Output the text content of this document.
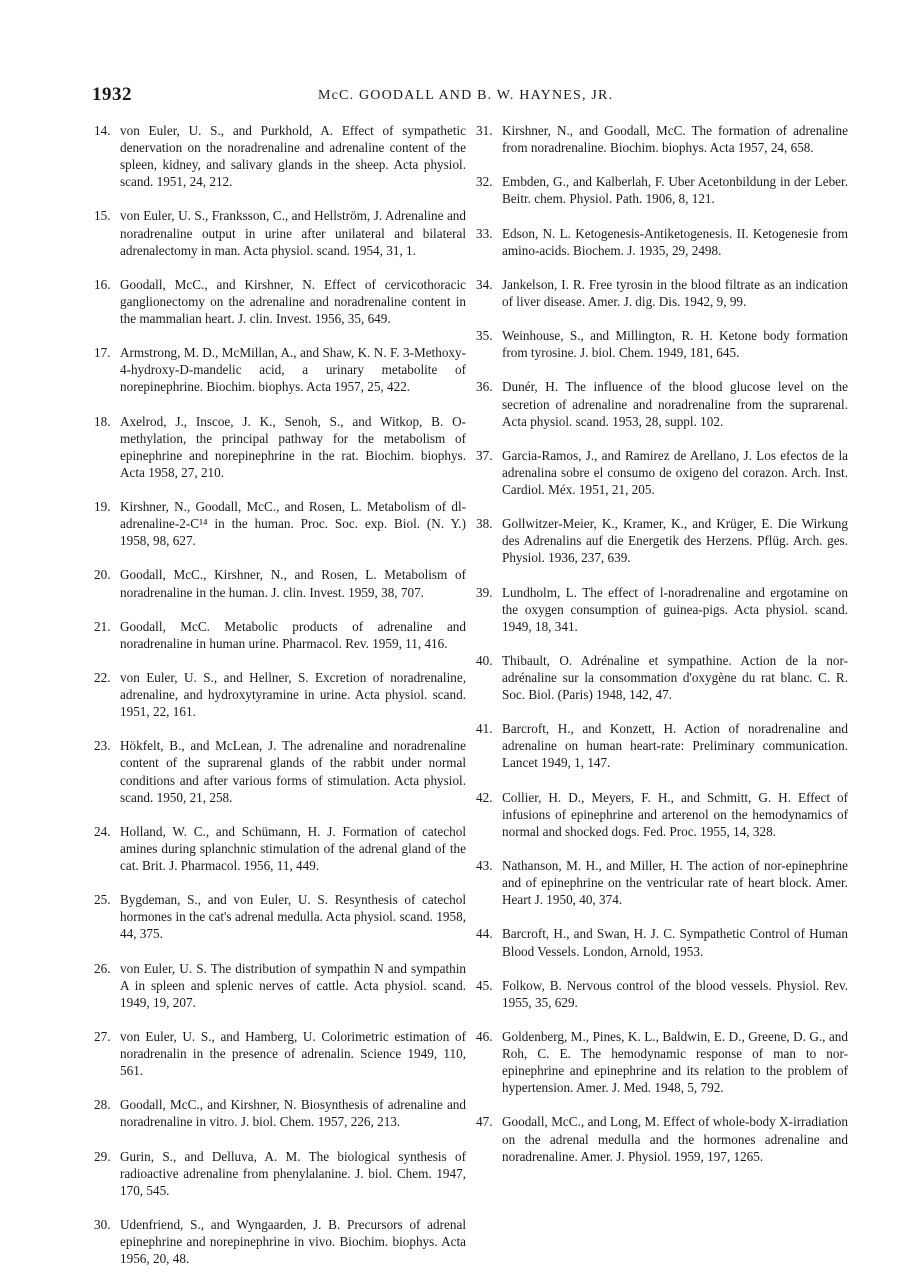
1932	McC. GOODALL AND B. W. HAYNES, JR.
14. von Euler, U. S., and Purkhold, A. Effect of sympathetic denervation on the noradrenaline and adrenaline content of the spleen, kidney, and salivary glands in the sheep. Acta physiol. scand. 1951, 24, 212.
15. von Euler, U. S., Franksson, C., and Hellström, J. Adrenaline and noradrenaline output in urine after unilateral and bilateral adrenalectomy in man. Acta physiol. scand. 1954, 31, 1.
16. Goodall, McC., and Kirshner, N. Effect of cervicothoracic ganglionectomy on the adrenaline and noradrenaline content in the mammalian heart. J. clin. Invest. 1956, 35, 649.
17. Armstrong, M. D., McMillan, A., and Shaw, K. N. F. 3-Methoxy-4-hydroxy-D-mandelic acid, a urinary metabolite of norepinephrine. Biochim. biophys. Acta 1957, 25, 422.
18. Axelrod, J., Inscoe, J. K., Senoh, S., and Witkop, B. O-methylation, the principal pathway for the metabolism of epinephrine and norepinephrine in the rat. Biochim. biophys. Acta 1958, 27, 210.
19. Kirshner, N., Goodall, McC., and Rosen, L. Metabolism of dl-adrenaline-2-C¹⁴ in the human. Proc. Soc. exp. Biol. (N. Y.) 1958, 98, 627.
20. Goodall, McC., Kirshner, N., and Rosen, L. Metabolism of noradrenaline in the human. J. clin. Invest. 1959, 38, 707.
21. Goodall, McC. Metabolic products of adrenaline and noradrenaline in human urine. Pharmacol. Rev. 1959, 11, 416.
22. von Euler, U. S., and Hellner, S. Excretion of noradrenaline, adrenaline, and hydroxytyramine in urine. Acta physiol. scand. 1951, 22, 161.
23. Hökfelt, B., and McLean, J. The adrenaline and noradrenaline content of the suprarenal glands of the rabbit under normal conditions and after various forms of stimulation. Acta physiol. scand. 1950, 21, 258.
24. Holland, W. C., and Schümann, H. J. Formation of catechol amines during splanchnic stimulation of the adrenal gland of the cat. Brit. J. Pharmacol. 1956, 11, 449.
25. Bygdeman, S., and von Euler, U. S. Resynthesis of catechol hormones in the cat's adrenal medulla. Acta physiol. scand. 1958, 44, 375.
26. von Euler, U. S. The distribution of sympathin N and sympathin A in spleen and splenic nerves of cattle. Acta physiol. scand. 1949, 19, 207.
27. von Euler, U. S., and Hamberg, U. Colorimetric estimation of noradrenalin in the presence of adrenalin. Science 1949, 110, 561.
28. Goodall, McC., and Kirshner, N. Biosynthesis of adrenaline and noradrenaline in vitro. J. biol. Chem. 1957, 226, 213.
29. Gurin, S., and Delluva, A. M. The biological synthesis of radioactive adrenaline from phenylalanine. J. biol. Chem. 1947, 170, 545.
30. Udenfriend, S., and Wyngaarden, J. B. Precursors of adrenal epinephrine and norepinephrine in vivo. Biochim. biophys. Acta 1956, 20, 48.
31. Kirshner, N., and Goodall, McC. The formation of adrenaline from noradrenaline. Biochim. biophys. Acta 1957, 24, 658.
32. Embden, G., and Kalberlah, F. Uber Acetonbildung in der Leber. Beitr. chem. Physiol. Path. 1906, 8, 121.
33. Edson, N. L. Ketogenesis-Antiketogenesis. II. Ketogenesie from amino-acids. Biochem. J. 1935, 29, 2498.
34. Jankelson, I. R. Free tyrosin in the blood filtrate as an indication of liver disease. Amer. J. dig. Dis. 1942, 9, 99.
35. Weinhouse, S., and Millington, R. H. Ketone body formation from tyrosine. J. biol. Chem. 1949, 181, 645.
36. Dunér, H. The influence of the blood glucose level on the secretion of adrenaline and noradrenaline from the suprarenal. Acta physiol. scand. 1953, 28, suppl. 102.
37. Garcia-Ramos, J., and Ramirez de Arellano, J. Los efectos de la adrenalina sobre el consumo de oxigeno del corazon. Arch. Inst. Cardiol. Méx. 1951, 21, 205.
38. Gollwitzer-Meier, K., Kramer, K., and Krüger, E. Die Wirkung des Adrenalins auf die Energetik des Herzens. Pflüg. Arch. ges. Physiol. 1936, 237, 639.
39. Lundholm, L. The effect of l-noradrenaline and ergotamine on the oxygen consumption of guinea-pigs. Acta physiol. scand. 1949, 18, 341.
40. Thibault, O. Adrénaline et sympathine. Action de la nor-adrénaline sur la consommation d'oxygène du rat blanc. C. R. Soc. Biol. (Paris) 1948, 142, 47.
41. Barcroft, H., and Konzett, H. Action of noradrenaline and adrenaline on human heart-rate: Preliminary communication. Lancet 1949, 1, 147.
42. Collier, H. D., Meyers, F. H., and Schmitt, G. H. Effect of infusions of epinephrine and arterenol on the hemodynamics of normal and shocked dogs. Fed. Proc. 1955, 14, 328.
43. Nathanson, M. H., and Miller, H. The action of nor-epinephrine and of epinephrine on the ventricular rate of heart block. Amer. Heart J. 1950, 40, 374.
44. Barcroft, H., and Swan, H. J. C. Sympathetic Control of Human Blood Vessels. London, Arnold, 1953.
45. Folkow, B. Nervous control of the blood vessels. Physiol. Rev. 1955, 35, 629.
46. Goldenberg, M., Pines, K. L., Baldwin, E. D., Greene, D. G., and Roh, C. E. The hemodynamic response of man to nor-epinephrine and epinephrine and its relation to the problem of hypertension. Amer. J. Med. 1948, 5, 792.
47. Goodall, McC., and Long, M. Effect of whole-body X-irradiation on the adrenal medulla and the hormones adrenaline and noradrenaline. Amer. J. Physiol. 1959, 197, 1265.
